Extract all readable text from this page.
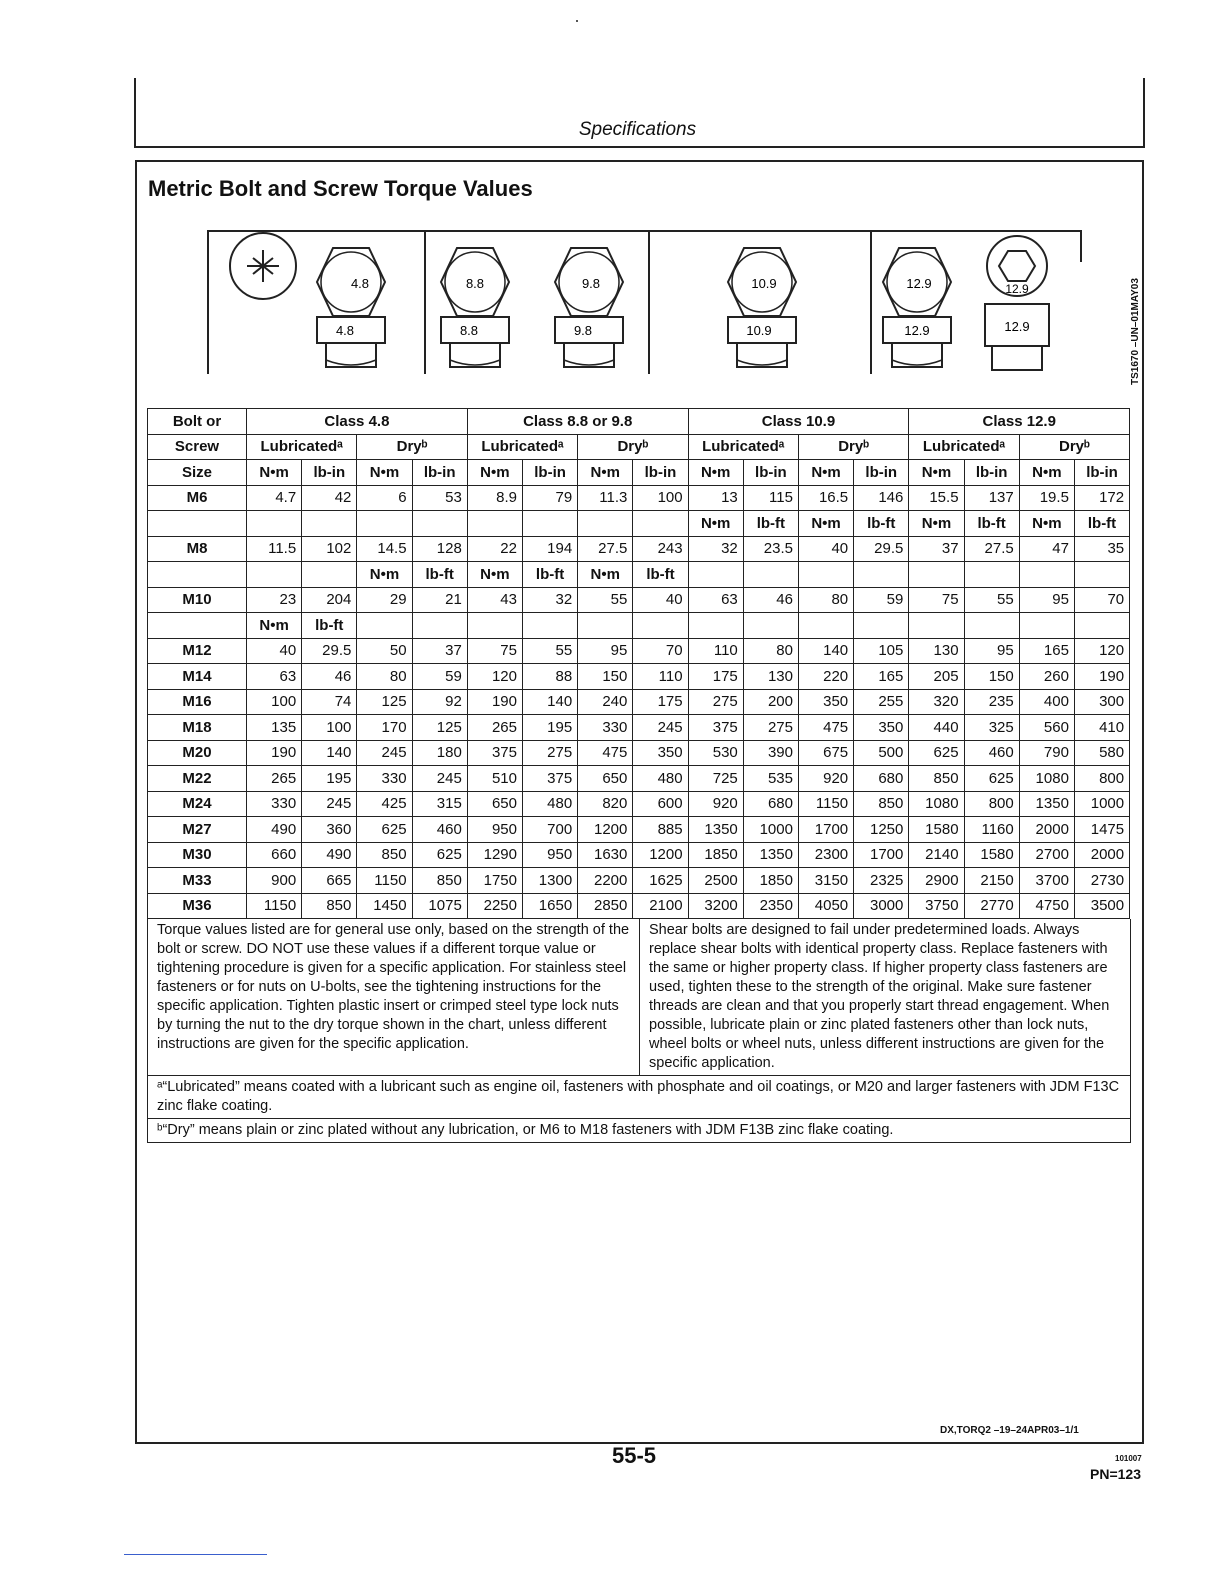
Specifications
Metric Bolt and Screw Torque Values
4.8
4.8
8.8
8.8
9.8
9.8
10.9
10.9
12.9
12.9
12.9
12.9	TS1670 –UN–01MAY03
Bolt or	Class 4.8				Class 8.8 or 9.8				Class 10.9				Class 12.9			
Screw	Lubricatedᵃ		Dryᵇ		Lubricatedᵃ		Dryᵇ		Lubricatedᵃ		Dryᵇ		Lubricatedᵃ		Dryᵇ	
Size	N•m	lb-in	N•m	lb-in	N•m	lb-in	N•m	lb-in	N•m	lb-in	N•m	lb-in	N•m	lb-in	N•m	lb-in
M6	4.7	42	6	53	8.9	79	11.3	100	13	115	16.5	146	15.5	137	19.5	172
									N•m	lb-ft	N•m	lb-ft	N•m	lb-ft	N•m	lb-ft
M8	11.5	102	14.5	128	22	194	27.5	243	32	23.5	40	29.5	37	27.5	47	35
			N•m	lb-ft	N•m	lb-ft	N•m	lb-ft								
M10	23	204	29	21	43	32	55	40	63	46	80	59	75	55	95	70
	N•m	lb-ft														
M12	40	29.5	50	37	75	55	95	70	110	80	140	105	130	95	165	120
M14	63	46	80	59	120	88	150	110	175	130	220	165	205	150	260	190
M16	100	74	125	92	190	140	240	175	275	200	350	255	320	235	400	300
M18	135	100	170	125	265	195	330	245	375	275	475	350	440	325	560	410
M20	190	140	245	180	375	275	475	350	530	390	675	500	625	460	790	580
M22	265	195	330	245	510	375	650	480	725	535	920	680	850	625	1080	800
M24	330	245	425	315	650	480	820	600	920	680	1150	850	1080	800	1350	1000
M27	490	360	625	460	950	700	1200	885	1350	1000	1700	1250	1580	1160	2000	1475
M30	660	490	850	625	1290	950	1630	1200	1850	1350	2300	1700	2140	1580	2700	2000
M33	900	665	1150	850	1750	1300	2200	1625	2500	1850	3150	2325	2900	2150	3700	2730
M36	1150	850	1450	1075	2250	1650	2850	2100	3200	2350	4050	3000	3750	2770	4750	3500
Torque values listed are for general use only, based on the strength of the bolt or screw. DO NOT use these values if a different torque value or tightening procedure is given for a specific application. For stainless steel fasteners or for nuts on U-bolts, see the tightening instructions for the specific application. Tighten plastic insert or crimped steel type lock nuts by turning the nut to the dry torque shown in the chart, unless different instructions are given for the specific application.
Shear bolts are designed to fail under predetermined loads. Always replace shear bolts with identical property class. Replace fasteners with the same or higher property class. If higher property class fasteners are used, tighten these to the strength of the original. Make sure fastener threads are clean and that you properly start thread engagement. When possible, lubricate plain or zinc plated fasteners other than lock nuts, wheel bolts or wheel nuts, unless different instructions are given for the specific application.
ᵃ“Lubricated” means coated with a lubricant such as engine oil, fasteners with phosphate and oil coatings, or M20 and larger fasteners with JDM F13C zinc flake coating.
ᵇ“Dry” means plain or zinc plated without any lubrication, or M6 to M18 fasteners with JDM F13B zinc flake coating.
DX,TORQ2 –19–24APR03–1/1
55-5	101007
PN=123
